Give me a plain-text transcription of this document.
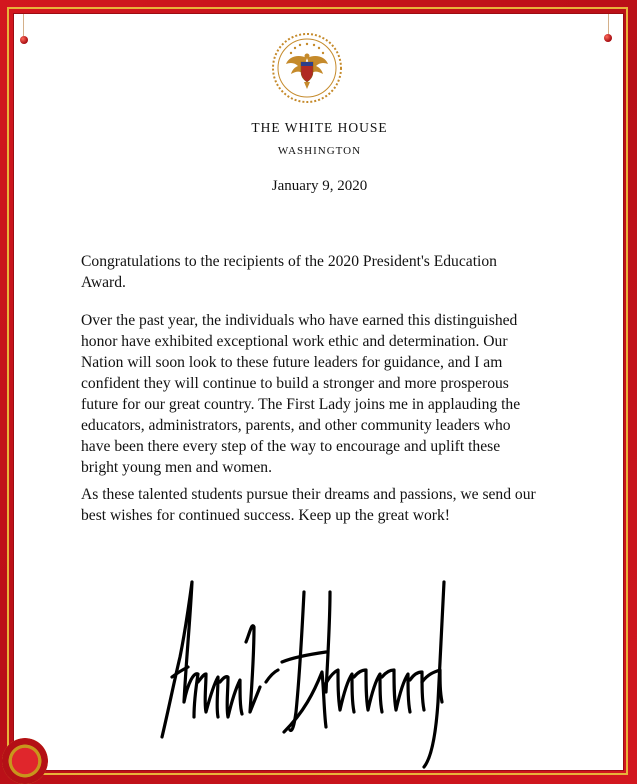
THE WHITE HOUSE
WASHINGTON
January 9, 2020

Congratulations to the recipients of the 2020 President's Education Award.

Over the past year, the individuals who have earned this distinguished honor have exhibited exceptional work ethic and determination. Our Nation will soon look to these future leaders for guidance, and I am confident they will continue to build a stronger and more prosperous future for our great country. The First Lady joins me in applauding the educators, administrators, parents, and other community leaders who have been there every step of the way to encourage and uplift these bright young men and women.

As these talented students pursue their dreams and passions, we send our best wishes for continued success. Keep up the great work!
